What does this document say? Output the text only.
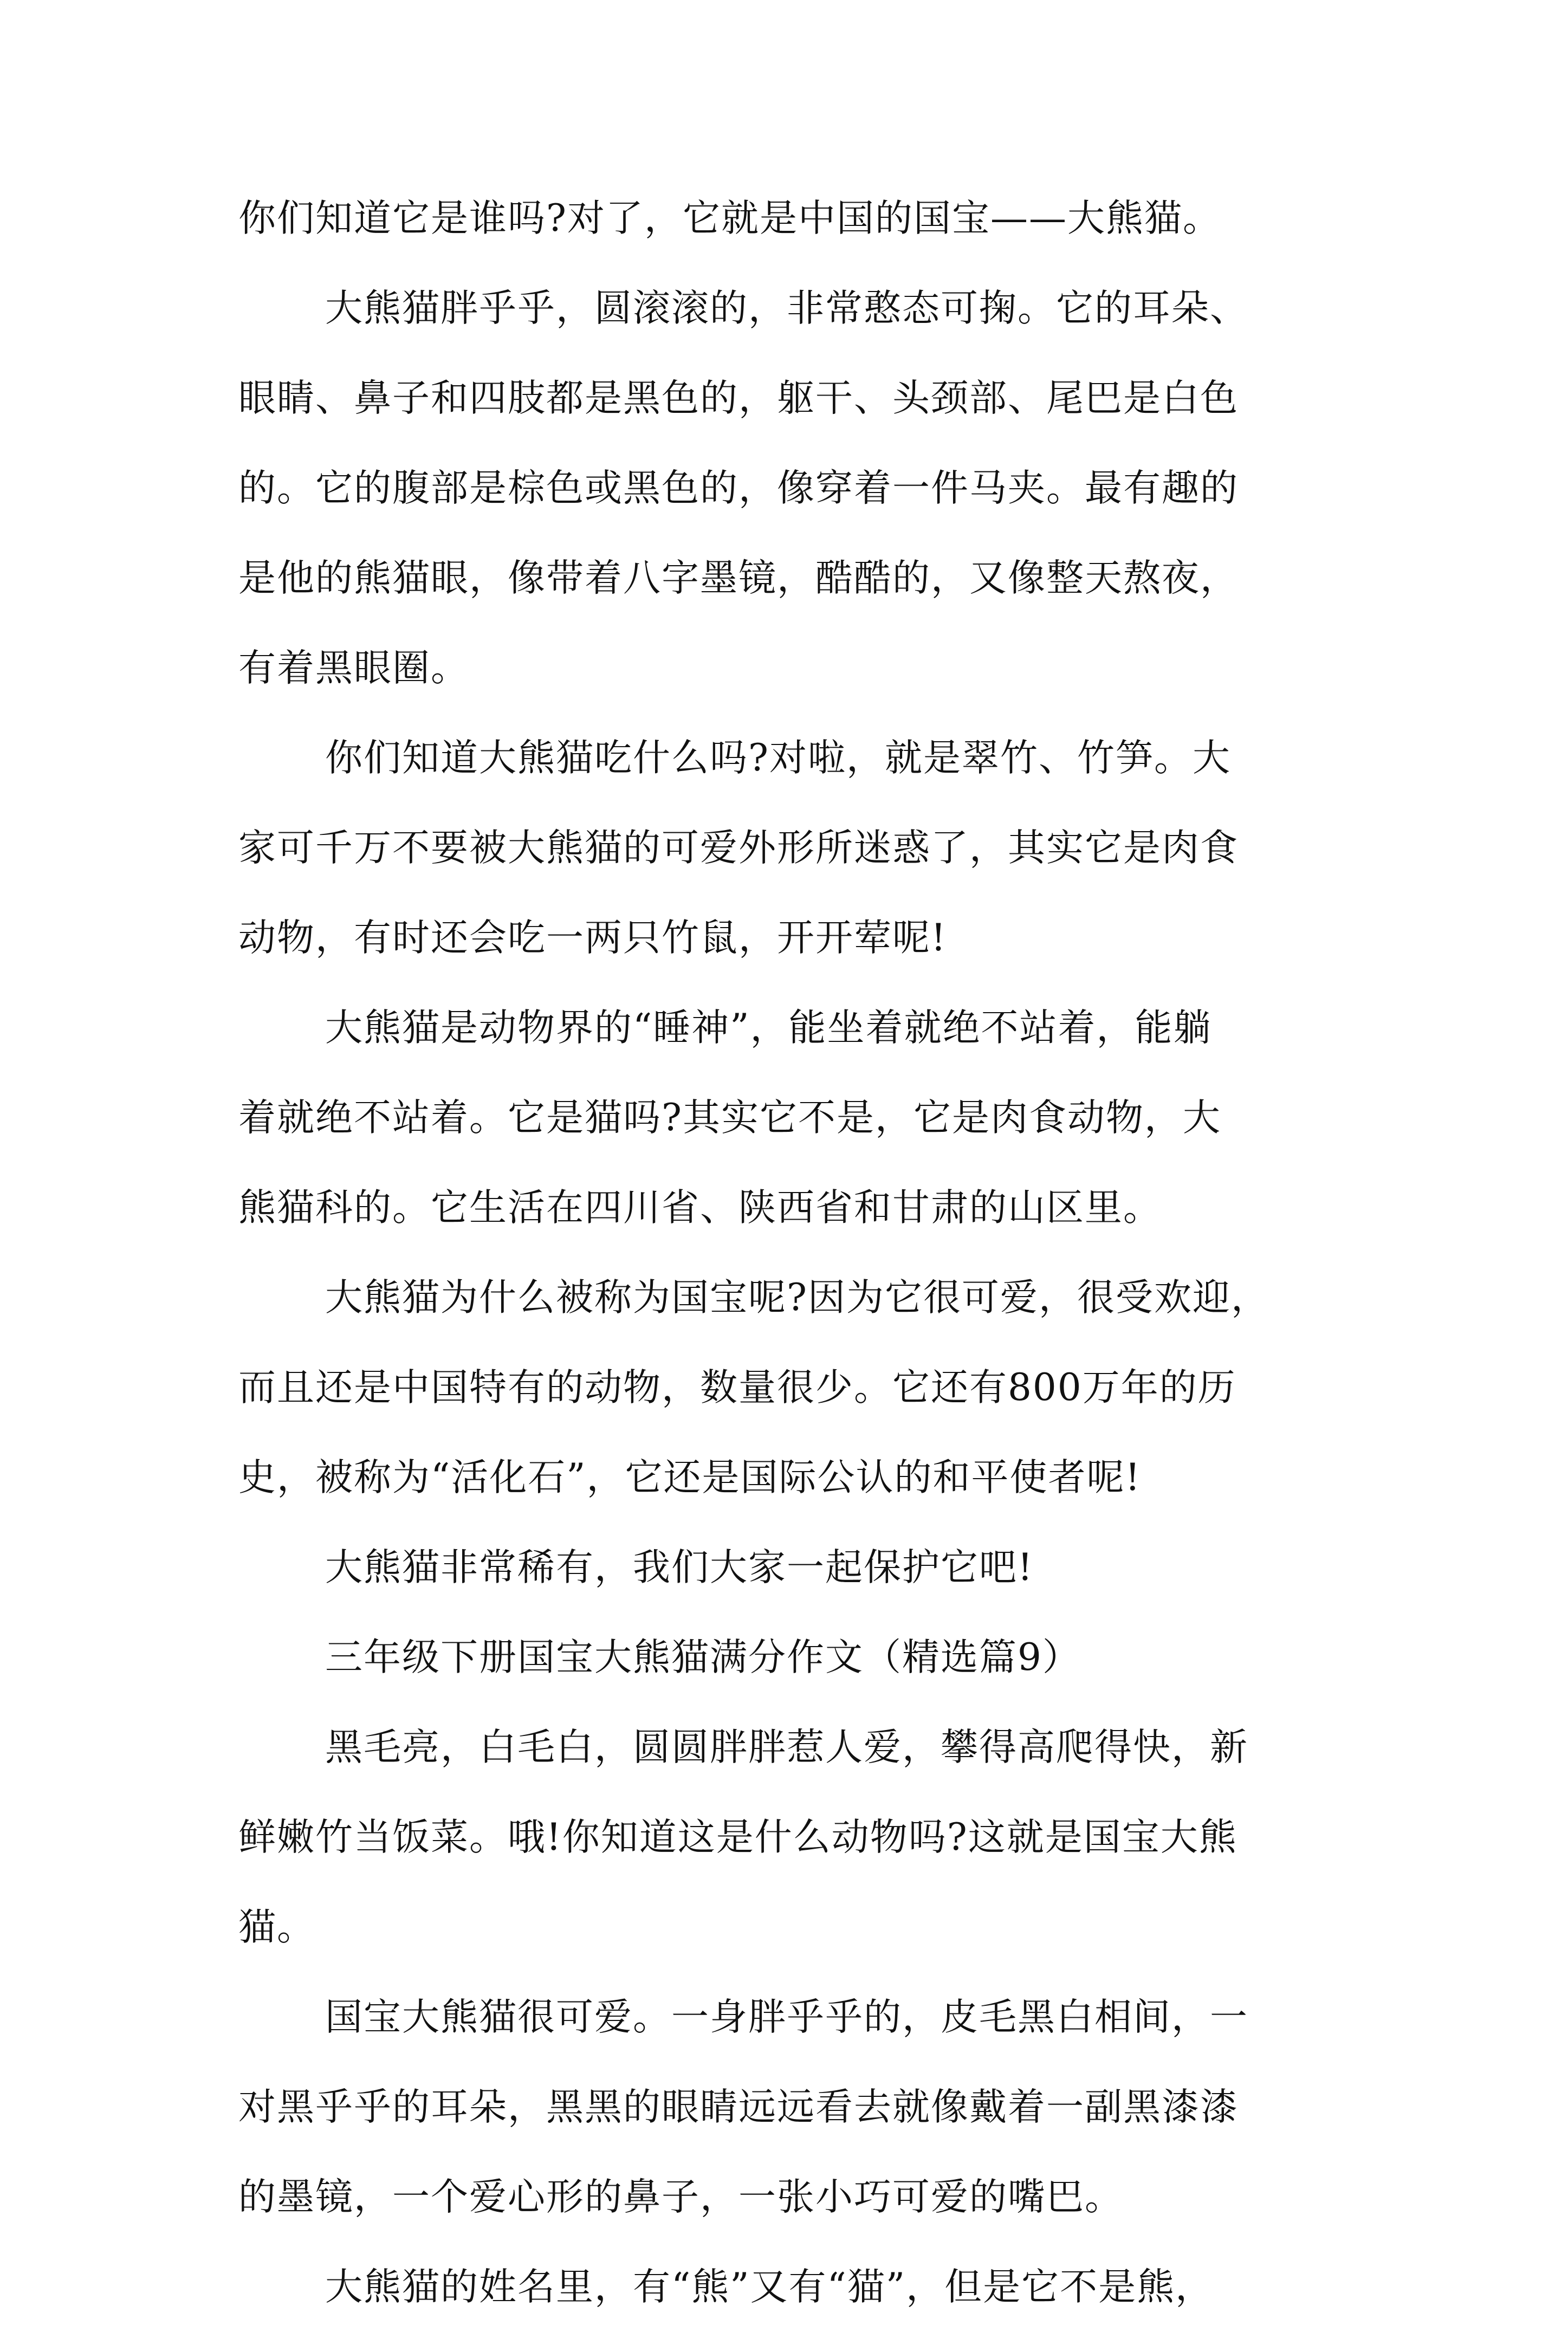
你们知道它是谁吗?对了，它就是中国的国宝——大熊猫。
大熊猫胖乎乎，圆滚滚的，非常憨态可掬。它的耳朵、
眼睛、鼻子和四肢都是黑色的，躯干、头颈部、尾巴是白色
的。它的腹部是棕色或黑色的，像穿着一件马夹。最有趣的
是他的熊猫眼，像带着八字墨镜，酷酷的，又像整天熬夜，
有着黑眼圈。
你们知道大熊猫吃什么吗?对啦，就是翠竹、竹笋。大
家可千万不要被大熊猫的可爱外形所迷惑了，其实它是肉食
动物，有时还会吃一两只竹鼠，开开荤呢!
大熊猫是动物界的“睡神”，能坐着就绝不站着，能躺
着就绝不站着。它是猫吗?其实它不是，它是肉食动物，大
熊猫科的。它生活在四川省、陕西省和甘肃的山区里。
大熊猫为什么被称为国宝呢?因为它很可爱，很受欢迎，
而且还是中国特有的动物，数量很少。它还有800万年的历
史，被称为“活化石”，它还是国际公认的和平使者呢!
大熊猫非常稀有，我们大家一起保护它吧!
三年级下册国宝大熊猫满分作文（精选篇9）
黑毛亮，白毛白，圆圆胖胖惹人爱，攀得高爬得快，新
鲜嫩竹当饭菜。哦!你知道这是什么动物吗?这就是国宝大熊
猫。
国宝大熊猫很可爱。一身胖乎乎的，皮毛黑白相间，一
对黑乎乎的耳朵，黑黑的眼睛远远看去就像戴着一副黑漆漆
的墨镜，一个爱心形的鼻子，一张小巧可爱的嘴巴。
大熊猫的姓名里，有“熊”又有“猫”，但是它不是熊，
